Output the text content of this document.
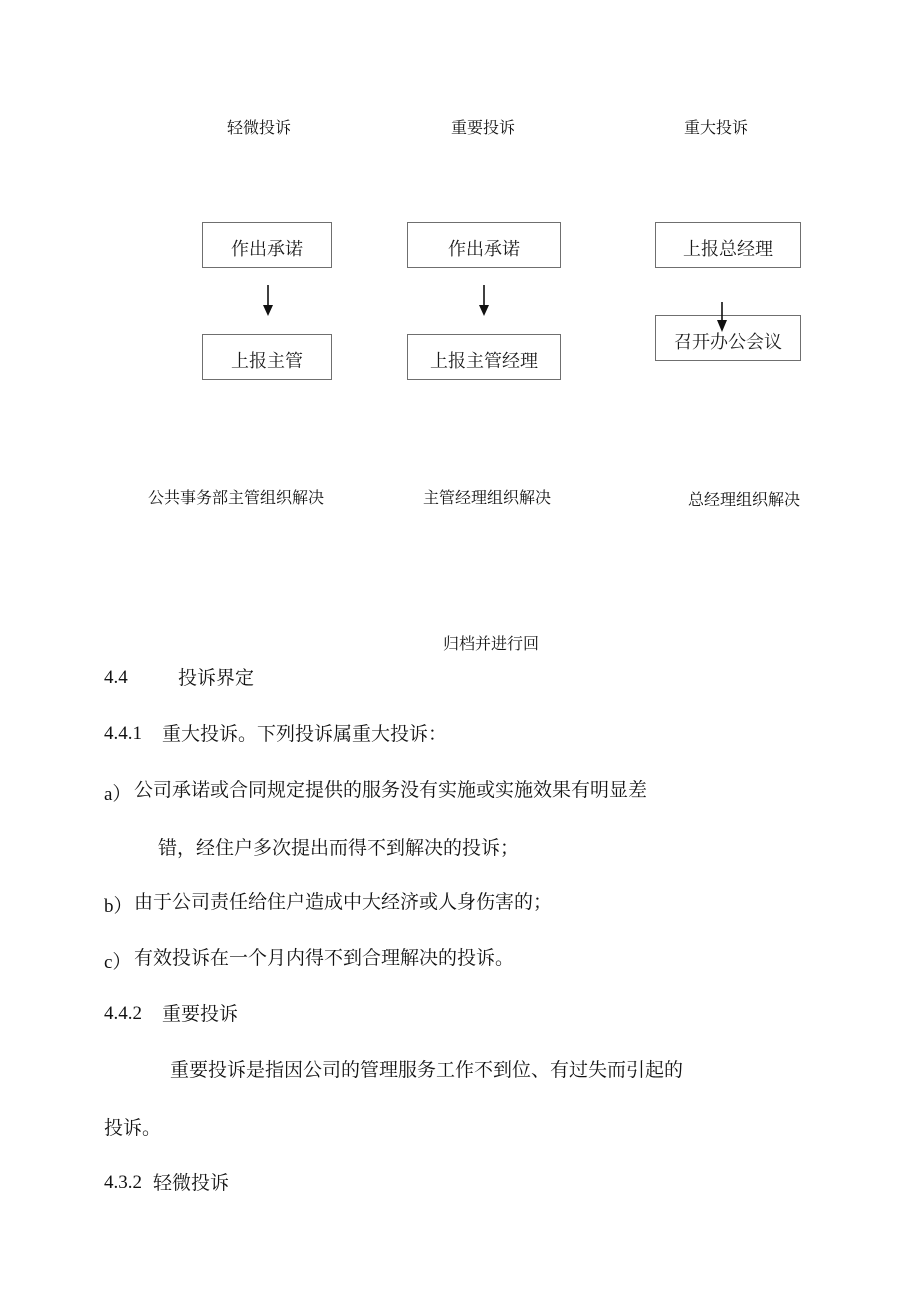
轻微投诉
作出承诺
上报主管
公共事务部主管组织解决
重要投诉
作出承诺
上报主管经理
主管经理组织解决
重大投诉
上报总经理
召开办公会议
总经理组织解决
归档并进行回
4.4	投诉界定
4.4.1 重大投诉。下列投诉属重大投诉：
a） 公司承诺或合同规定提供的服务没有实施或实施效果有明显差
错，经住户多次提出而得不到解决的投诉；
b） 由于公司责任给住户造成中大经济或人身伤害的；
c） 有效投诉在一个月内得不到合理解决的投诉。
4.4.2 重要投诉
重要投诉是指因公司的管理服务工作不到位、有过失而引起的
投诉。
4.3.2 轻微投诉
